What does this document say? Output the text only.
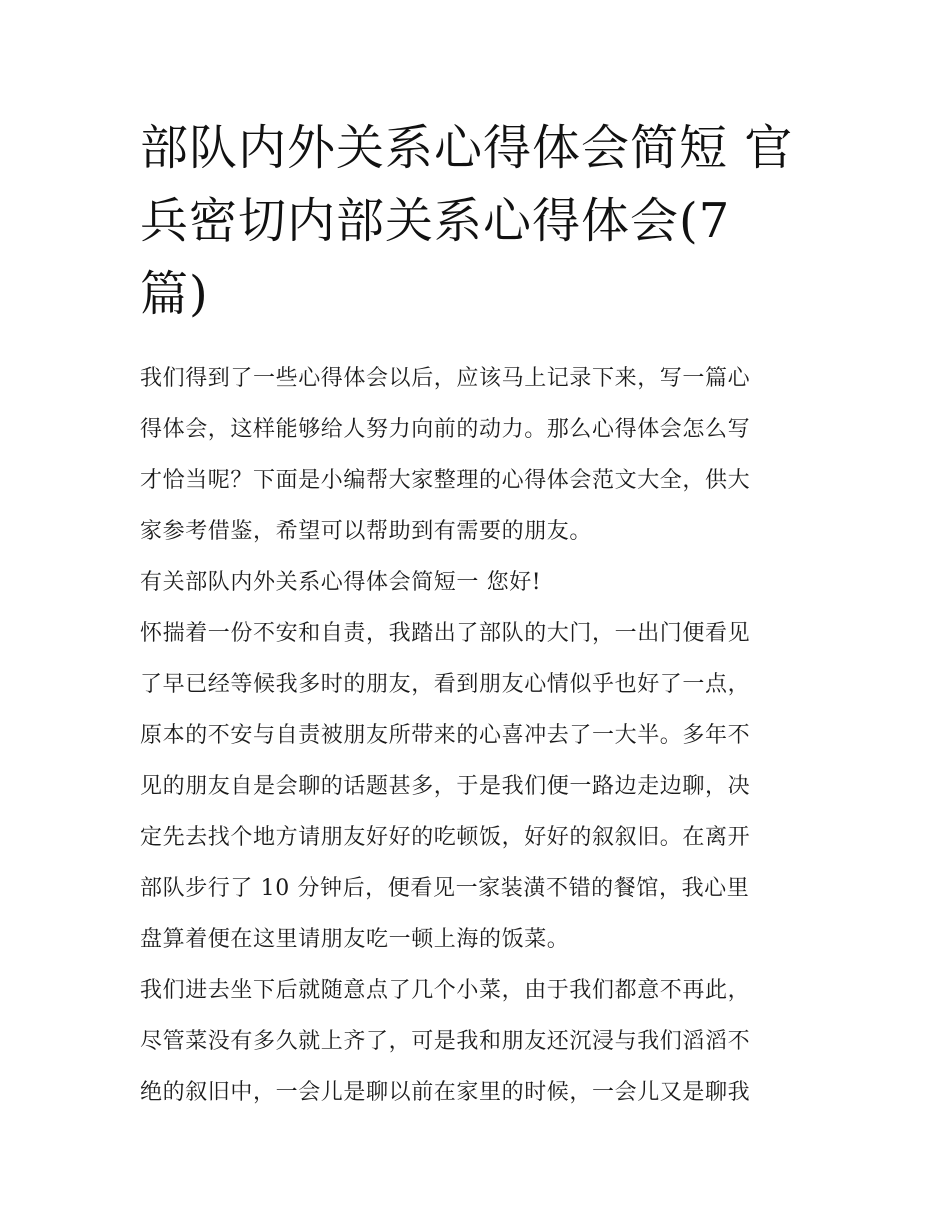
部队内外关系心得体会简短 官
兵密切内部关系心得体会(7
篇)

我们得到了一些心得体会以后，应该马上记录下来，写一篇心
得体会，这样能够给人努力向前的动力。那么心得体会怎么写
才恰当呢？下面是小编帮大家整理的心得体会范文大全，供大
家参考借鉴，希望可以帮助到有需要的朋友。

有关部队内外关系心得体会简短一 您好!

怀揣着一份不安和自责，我踏出了部队的大门，一出门便看见
了早已经等候我多时的朋友，看到朋友心情似乎也好了一点，
原本的不安与自责被朋友所带来的心喜冲去了一大半。多年不
见的朋友自是会聊的话题甚多，于是我们便一路边走边聊，决
定先去找个地方请朋友好好的吃顿饭，好好的叙叙旧。在离开
部队步行了 10 分钟后，便看见一家装潢不错的餐馆，我心里
盘算着便在这里请朋友吃一顿上海的饭菜。

我们进去坐下后就随意点了几个小菜，由于我们都意不再此，
尽管菜没有多久就上齐了，可是我和朋友还沉浸与我们滔滔不
绝的叙旧中，一会儿是聊以前在家里的时候，一会儿又是聊我
